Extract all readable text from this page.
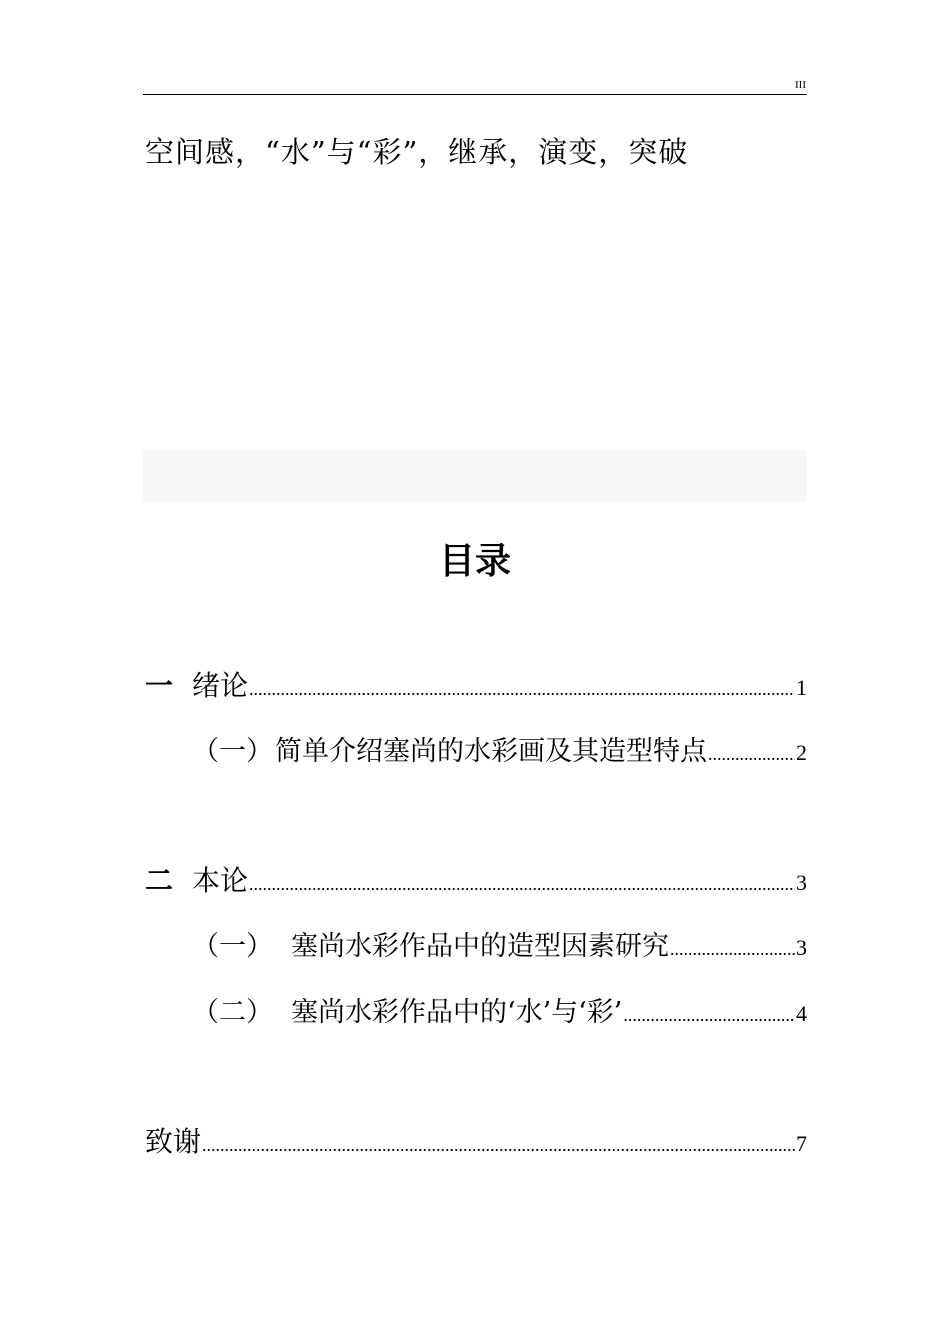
III
空间感，“水”与“彩”，继承，演变，突破
目录
一 绪论 .....	1
（一）简单介绍塞尚的水彩画及其造型特点 .....	2
二 本论 .....	3
（一） 塞尚水彩作品中的造型因素研究 .....	3
（二） 塞尚水彩作品中的‘水’与‘彩’ .....	4
致谢 .....	7
